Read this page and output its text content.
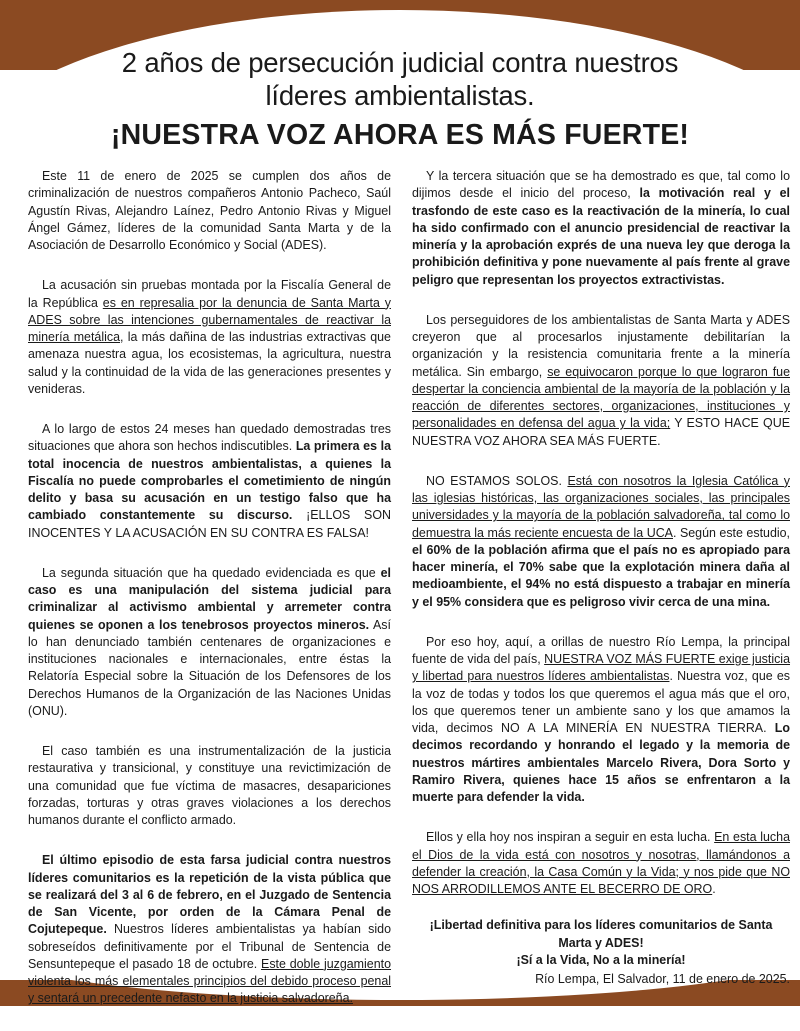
2 años de persecución judicial contra nuestros
líderes ambientalistas.
¡NUESTRA VOZ AHORA ES MÁS FUERTE!

Este 11 de enero de 2025 se cumplen dos años de criminalización de nuestros compañeros Antonio Pacheco, Saúl Agustín Rivas, Alejandro Laínez, Pedro Antonio Rivas y Miguel Ángel Gámez, líderes de la comunidad Santa Marta y de la Asociación de Desarrollo Económico y Social (ADES).

La acusación sin pruebas montada por la Fiscalía General de la República es en represalia por la denuncia de Santa Marta y ADES sobre las intenciones gubernamentales de reactivar la minería metálica, la más dañina de las industrias extractivas que amenaza nuestra agua, los ecosistemas, la agricultura, nuestra salud y la continuidad de la vida de las generaciones presentes y venideras.

A lo largo de estos 24 meses han quedado demostradas tres situaciones que ahora son hechos indiscutibles. La primera es la total inocencia de nuestros ambientalistas, a quienes la Fiscalía no puede comprobarles el cometimiento de ningún delito y basa su acusación en un testigo falso que ha cambiado constantemente su discurso. ¡ELLOS SON INOCENTES Y LA ACUSACIÓN EN SU CONTRA ES FALSA!

La segunda situación que ha quedado evidenciada es que el caso es una manipulación del sistema judicial para criminalizar al activismo ambiental y arremeter contra quienes se oponen a los tenebrosos proyectos mineros. Así lo han denunciado también centenares de organizaciones e instituciones nacionales e internacionales, entre éstas la Relatoría Especial sobre la Situación de los Defensores de los Derechos Humanos de la Organización de las Naciones Unidas (ONU).

El caso también es una instrumentalización de la justicia restaurativa y transicional, y constituye una revictimización de una comunidad que fue víctima de masacres, desapariciones forzadas, torturas y otras graves violaciones a los derechos humanos durante el conflicto armado.

El último episodio de esta farsa judicial contra nuestros líderes comunitarios es la repetición de la vista pública que se realizará del 3 al 6 de febrero, en el Juzgado de Sentencia de San Vicente, por orden de la Cámara Penal de Cojutepeque. Nuestros líderes ambientalistas ya habían sido sobreseídos definitivamente por el Tribunal de Sentencia de Sensuntepeque el pasado 18 de octubre. Este doble juzgamiento violenta los más elementales principios del debido proceso penal y sentará un precedente nefasto en la justicia salvadoreña.

Y la tercera situación que se ha demostrado es que, tal como lo dijimos desde el inicio del proceso, la motivación real y el trasfondo de este caso es la reactivación de la minería, lo cual ha sido confirmado con el anuncio presidencial de reactivar la minería y la aprobación exprés de una nueva ley que deroga la prohibición definitiva y pone nuevamente al país frente al grave peligro que representan los proyectos extractivistas.

Los perseguidores de los ambientalistas de Santa Marta y ADES creyeron que al procesarlos injustamente debilitarían la organización y la resistencia comunitaria frente a la minería metálica. Sin embargo, se equivocaron porque lo que lograron fue despertar la conciencia ambiental de la mayoría de la población y la reacción de diferentes sectores, organizaciones, instituciones y personalidades en defensa del agua y la vida; Y ESTO HACE QUE NUESTRA VOZ AHORA SEA MÁS FUERTE.

NO ESTAMOS SOLOS. Está con nosotros la Iglesia Católica y las iglesias históricas, las organizaciones sociales, las principales universidades y la mayoría de la población salvadoreña, tal como lo demuestra la más reciente encuesta de la UCA. Según este estudio, el 60% de la población afirma que el país no es apropiado para hacer minería, el 70% sabe que la explotación minera daña al medioambiente, el 94% no está dispuesto a trabajar en minería y el 95% considera que es peligroso vivir cerca de una mina.

Por eso hoy, aquí, a orillas de nuestro Río Lempa, la principal fuente de vida del país, NUESTRA VOZ MÁS FUERTE exige justicia y libertad para nuestros líderes ambientalistas. Nuestra voz, que es la voz de todas y todos los que queremos el agua más que el oro, los que queremos tener un ambiente sano y los que amamos la vida, decimos NO A LA MINERÍA EN NUESTRA TIERRA. Lo decimos recordando y honrando el legado y la memoria de nuestros mártires ambientales Marcelo Rivera, Dora Sorto y Ramiro Rivera, quienes hace 15 años se enfrentaron a la muerte para defender la vida.

Ellos y ella hoy nos inspiran a seguir en esta lucha. En esta lucha el Dios de la vida está con nosotros y nosotras, llamándonos a defender la creación, la Casa Común y la Vida; y nos pide que NO NOS ARRODILLEMOS ANTE EL BECERRO DE ORO.

¡Libertad definitiva para los líderes comunitarios de Santa Marta y ADES!
¡Sí a la Vida, No a la minería!
Río Lempa, El Salvador, 11 de enero de 2025.
